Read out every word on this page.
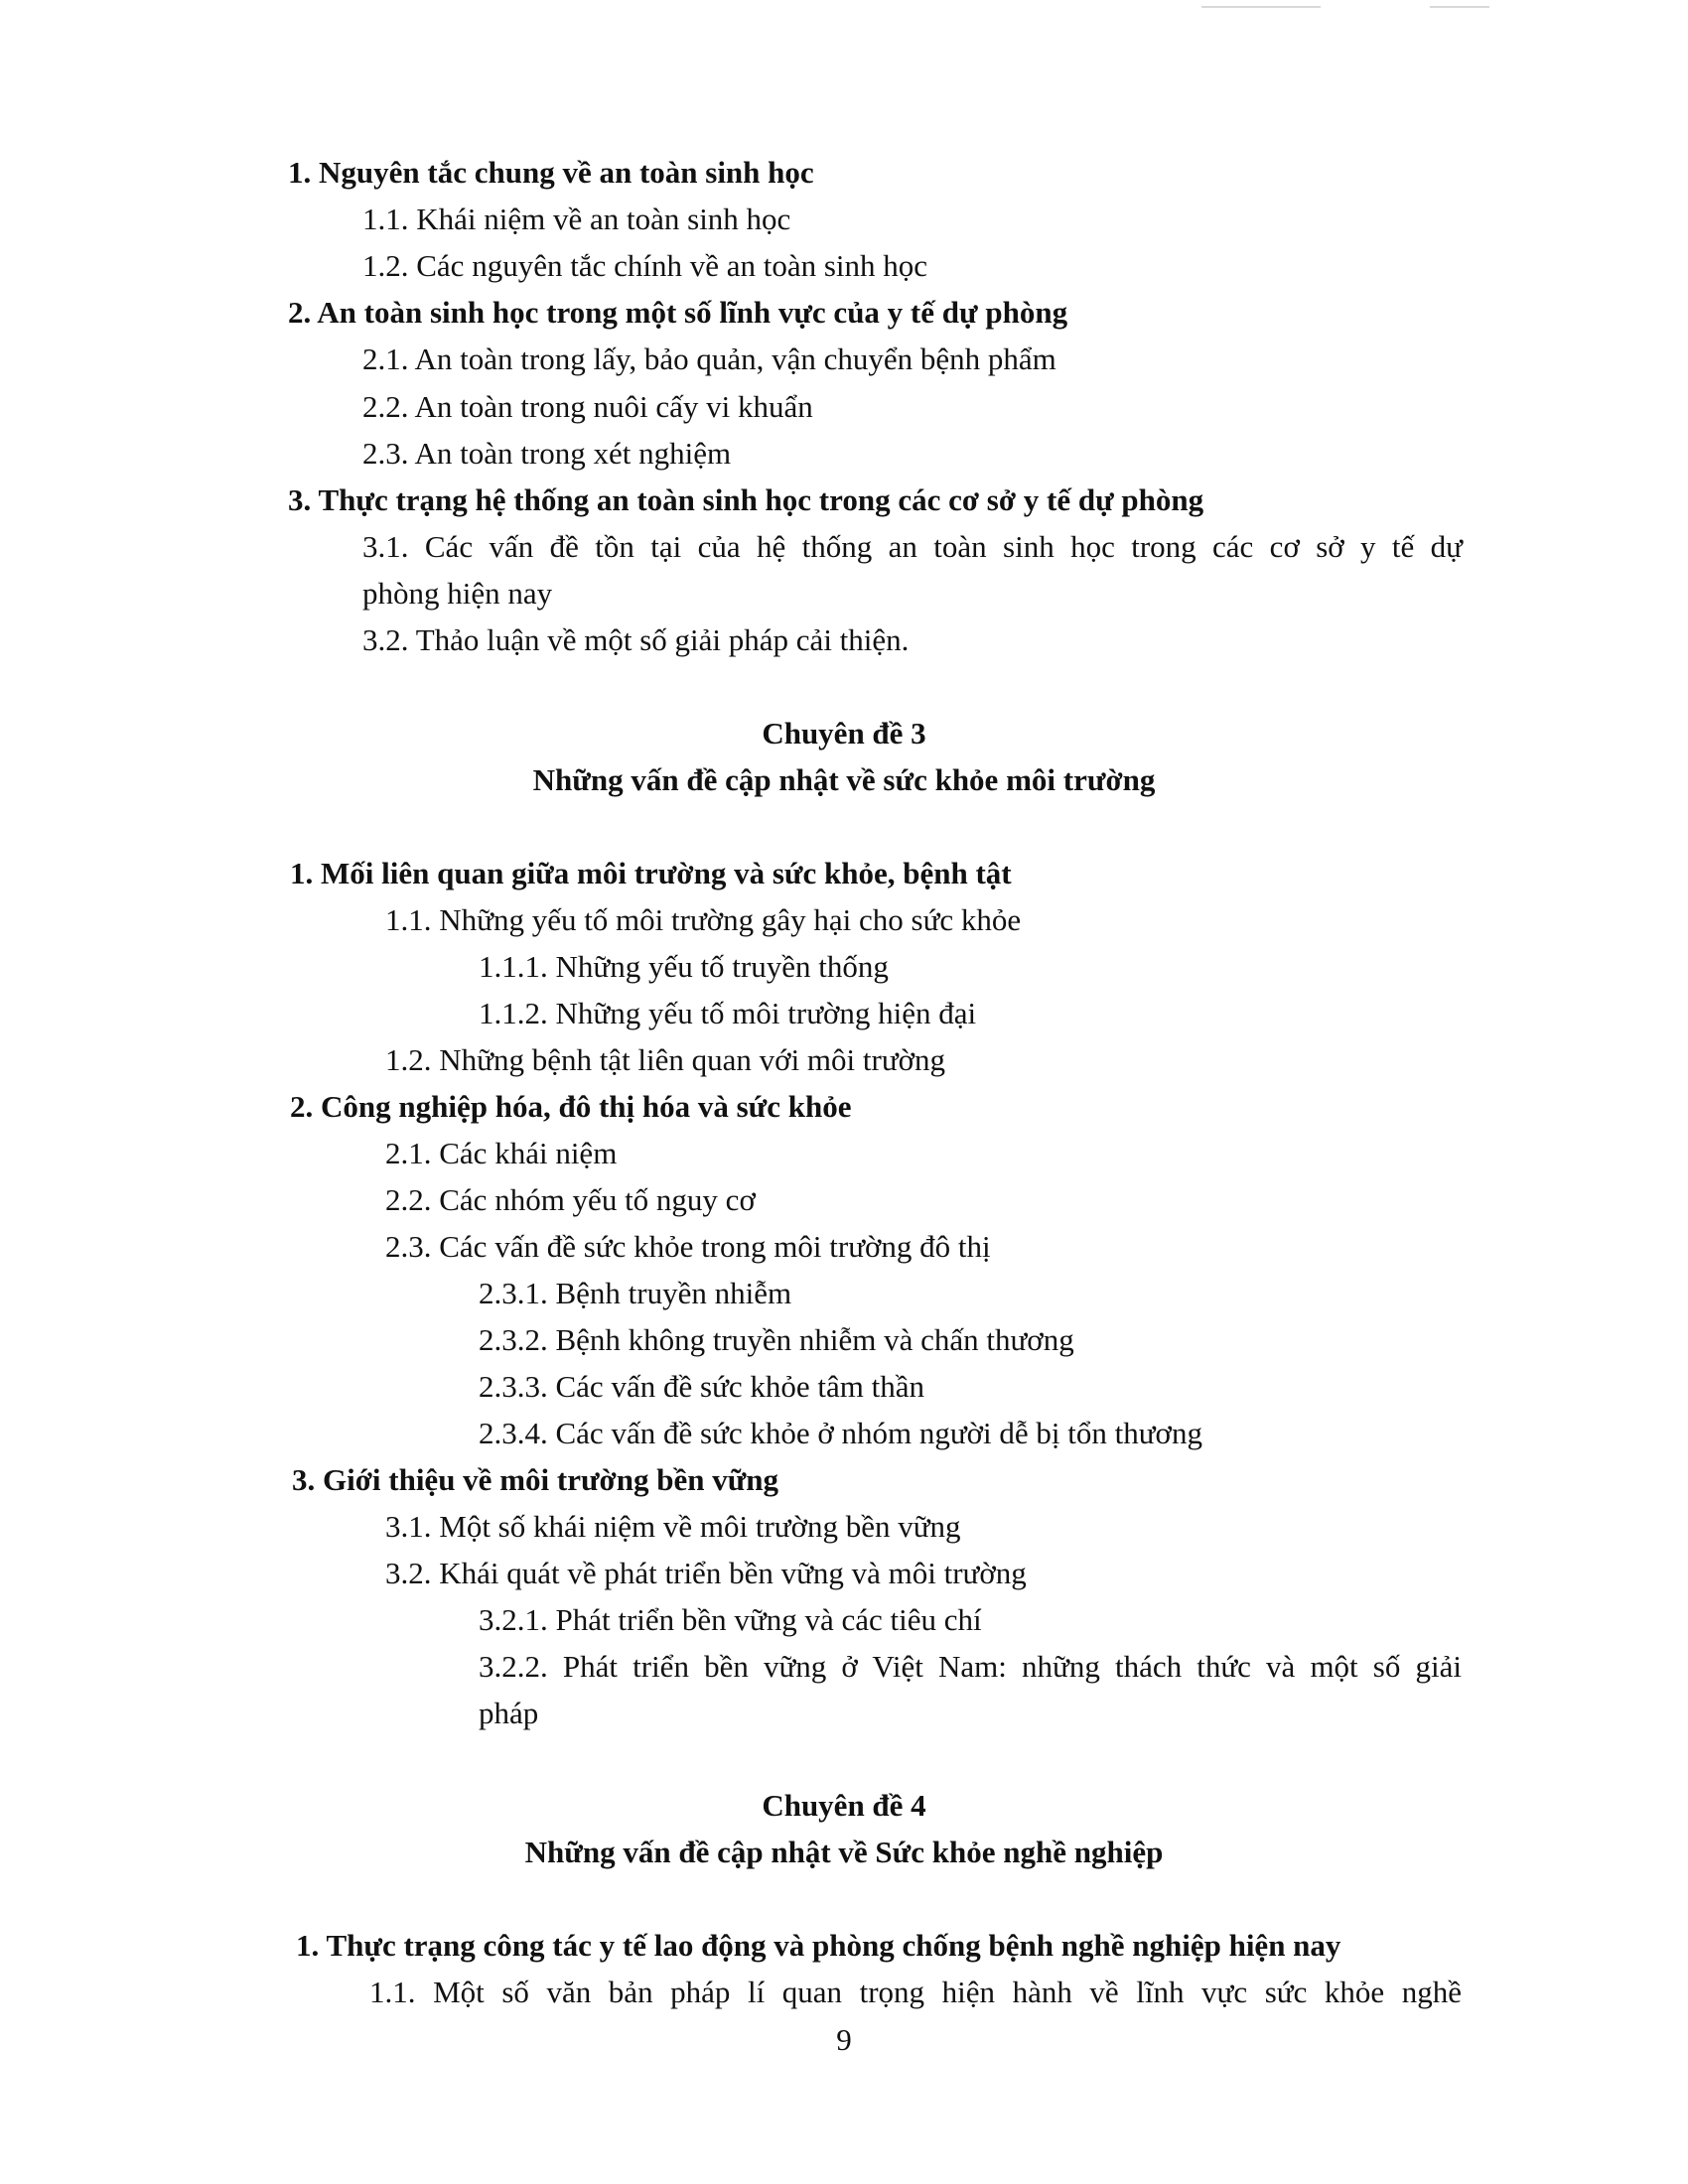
1. Nguyên tắc chung về an toàn sinh học
1.1. Khái niệm về an toàn sinh học
1.2. Các nguyên tắc chính về an toàn sinh học
2. An toàn sinh học trong một số lĩnh vực của y tế dự phòng
2.1. An toàn trong lấy, bảo quản, vận chuyển bệnh phẩm
2.2. An toàn trong nuôi cấy vi khuẩn
2.3. An toàn trong xét nghiệm
3. Thực trạng hệ thống an toàn sinh học trong các cơ sở y tế dự phòng
3.1. Các vấn đề tồn tại của hệ thống an toàn sinh học trong các cơ sở y tế dự
phòng hiện nay
3.2. Thảo luận về một số giải pháp cải thiện.
Chuyên đề 3
Những vấn đề cập nhật về sức khỏe môi trường
1. Mối liên quan giữa môi trường và sức khỏe, bệnh tật
1.1. Những yếu tố môi trường gây hại cho sức khỏe
1.1.1. Những yếu tố truyền thống
1.1.2. Những yếu tố môi trường hiện đại
1.2. Những bệnh tật liên quan với môi trường
2. Công nghiệp hóa, đô thị hóa và sức khỏe
2.1. Các khái niệm
2.2. Các nhóm yếu tố nguy cơ
2.3. Các vấn đề sức khỏe trong môi trường đô thị
2.3.1. Bệnh truyền nhiễm
2.3.2. Bệnh không truyền nhiễm và chấn thương
2.3.3. Các vấn đề sức khỏe tâm thần
2.3.4. Các vấn đề sức khỏe ở nhóm người dễ bị tổn thương
3. Giới thiệu về môi trường bền vững
3.1. Một số khái niệm về môi trường bền vững
3.2. Khái quát về phát triển bền vững và môi trường
3.2.1. Phát triển bền vững và các tiêu chí
3.2.2. Phát triển bền vững ở Việt Nam: những thách thức và một số giải
pháp
Chuyên đề 4
Những vấn đề cập nhật về Sức khỏe nghề nghiệp
1. Thực trạng công tác y tế lao động và phòng chống bệnh nghề nghiệp hiện nay
1.1. Một số văn bản pháp lí quan trọng hiện hành về lĩnh vực sức khỏe nghề
9
